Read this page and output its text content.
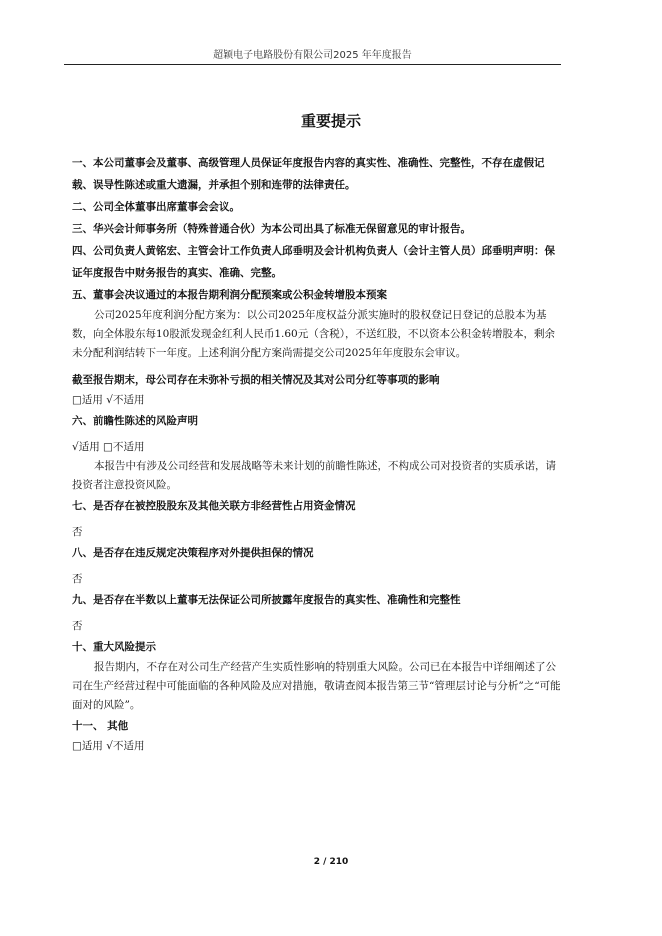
超颖电子电路股份有限公司2025 年年度报告
重要提示
一、本公司董事会及董事、高级管理人员保证年度报告内容的真实性、准确性、完整性，不存在虚假记载、误导性陈述或重大遗漏，并承担个别和连带的法律责任。
二、公司全体董事出席董事会会议。
三、华兴会计师事务所（特殊普通合伙）为本公司出具了标准无保留意见的审计报告。
四、公司负责人黄铭宏、主管会计工作负责人邱垂明及会计机构负责人（会计主管人员）邱垂明声明：保证年度报告中财务报告的真实、准确、完整。
五、董事会决议通过的本报告期利润分配预案或公积金转增股本预案
公司2025年度利润分配方案为：以公司2025年度权益分派实施时的股权登记日登记的总股本为基数，向全体股东每10股派发现金红利人民币1.60元（含税），不送红股，不以资本公积金转增股本，剩余未分配利润结转下一年度。上述利润分配方案尚需提交公司2025年年度股东会审议。
截至报告期末，母公司存在未弥补亏损的相关情况及其对公司分红等事项的影响
□适用 √不适用
六、前瞻性陈述的风险声明
√适用 □不适用
本报告中有涉及公司经营和发展战略等未来计划的前瞻性陈述，不构成公司对投资者的实质承诺，请投资者注意投资风险。
七、是否存在被控股股东及其他关联方非经营性占用资金情况
否
八、是否存在违反规定决策程序对外提供担保的情况
否
九、是否存在半数以上董事无法保证公司所披露年度报告的真实性、准确性和完整性
否
十、重大风险提示
报告期内，不存在对公司生产经营产生实质性影响的特别重大风险。公司已在本报告中详细阐述了公司在生产经营过程中可能面临的各种风险及应对措施，敬请查阅本报告第三节“管理层讨论与分析”之“可能面对的风险”。
十一、 其他
□适用 √不适用
2 / 210
